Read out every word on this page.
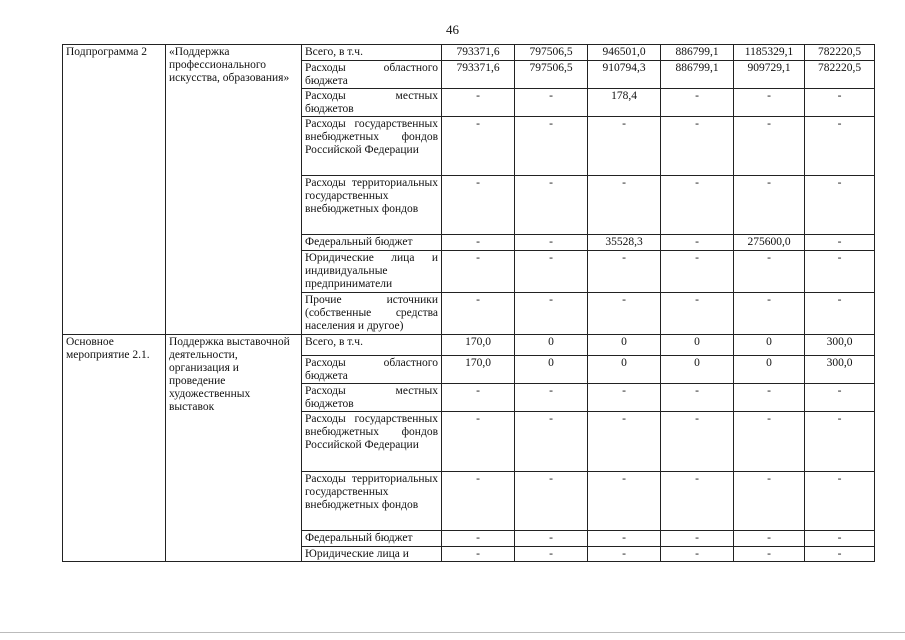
46
Подпрограмма 2	«Поддержка профессионального искусства, образования»	Всего, в т.ч.	793371,6	797506,5	946501,0	886799,1	1185329,1	782220,5
		Расходы областного бюджета	793371,6	797506,5	910794,3	886799,1	909729,1	782220,5
		Расходы местных бюджетов	-	-	178,4	-	-	-
		Расходы государственных внебюджетных фондов Российской Федерации	-	-	-	-	-	-
		Расходы территориальных государственных внебюджетных фондов	-	-	-	-	-	-
		Федеральный бюджет	-	-	35528,3	-	275600,0	-
		Юридические лица и индивидуальные предприниматели	-	-	-	-	-	-
		Прочие источники (собственные средства населения и другое)	-	-	-	-	-	-
Основное мероприятие 2.1.	Поддержка выставочной деятельности, организация и проведение художественных выставок	Всего, в т.ч.	170,0	0	0	0	0	300,0
		Расходы областного бюджета	170,0	0	0	0	0	300,0
		Расходы местных бюджетов	-	-	-	-	-	-
		Расходы государственных внебюджетных фондов Российской Федерации	-	-	-	-	-	-
		Расходы территориальных государственных внебюджетных фондов	-	-	-	-	-	-
		Федеральный бюджет	-	-	-	-	-	-
		Юридические лица и	-	-	-	-	-	-
